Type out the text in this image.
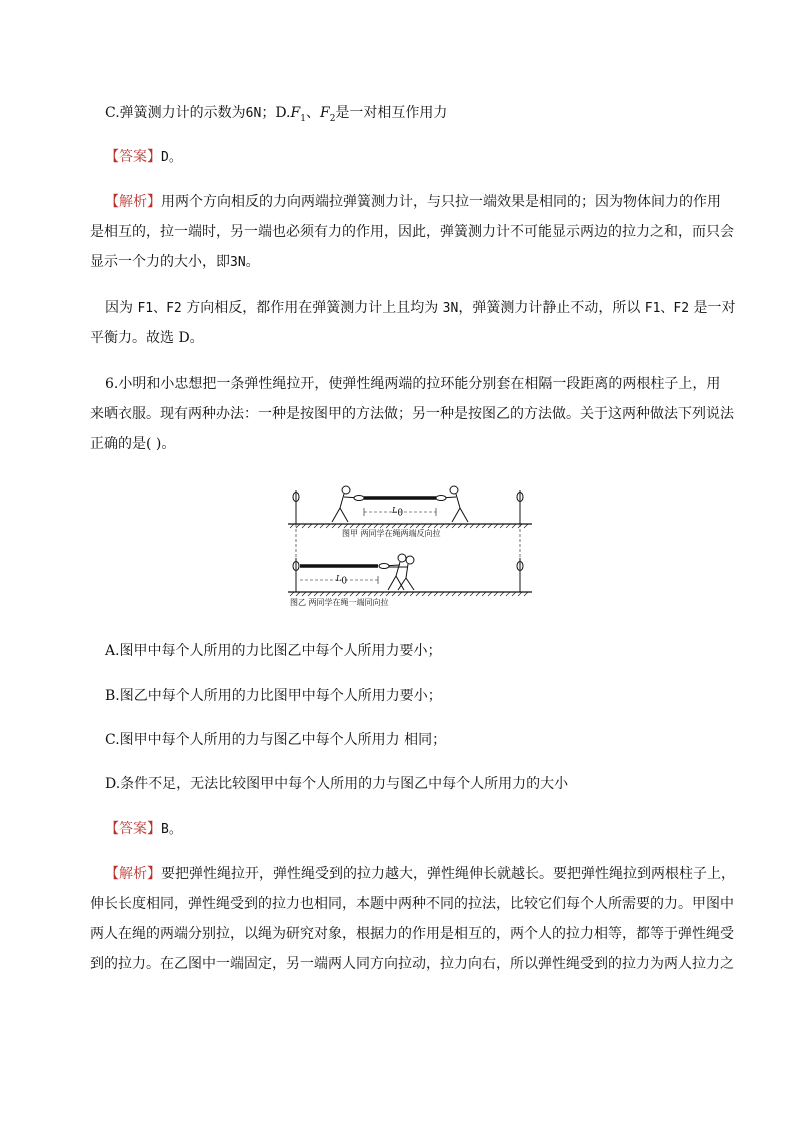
C.弹簧测力计的示数为6N；$D.F_1$、$F_2$是一对相互作用力
【答案】D。
【解析】用两个方向相反的力向两端拉弹簧测力计，与只拉一端效果是相同的；因为物体间力的作用
是相互的，拉一端时，另一端也必须有力的作用，因此，弹簧测力计不可能显示两边的拉力之和，而只会
显示一个力的大小，即3N。
因为 F1、F2 方向相反，都作用在弹簧测力计上且均为 3N，弹簧测力计静止不动，所以 F1、F2 是一对
平衡力。故选 D。
6.小明和小忠想把一条弹性绳拉开，使弹性绳两端的拉环能分别套在相隔一段距离的两根柱子上，用
来晒衣服。现有两种办法：一种是按图甲的方法做；另一种是按图乙的方法做。关于这两种做法下列说法
正确的是( )。
$L_0$
图甲 两同学在绳两端反向拉
$L_0$
图乙 两同学在绳一端同向拉
A.图甲中每个人所用的力比图乙中每个人所用力要小；
B.图乙中每个人所用的力比图甲中每个人所用力要小；
C.图甲中每个人所用的力与图乙中每个人所用力 相同；
D.条件不足，无法比较图甲中每个人所用的力与图乙中每个人所用力的大小
【答案】B。
【解析】要把弹性绳拉开，弹性绳受到的拉力越大，弹性绳伸长就越长。要把弹性绳拉到两根柱子上，
伸长长度相同，弹性绳受到的拉力也相同，本题中两种不同的拉法，比较它们每个人所需要的力。甲图中
两人在绳的两端分别拉，以绳为研究对象，根据力的作用是相互的，两个人的拉力相等，都等于弹性绳受
到的拉力。在乙图中一端固定，另一端两人同方向拉动，拉力向右，所以弹性绳受到的拉力为两人拉力之
